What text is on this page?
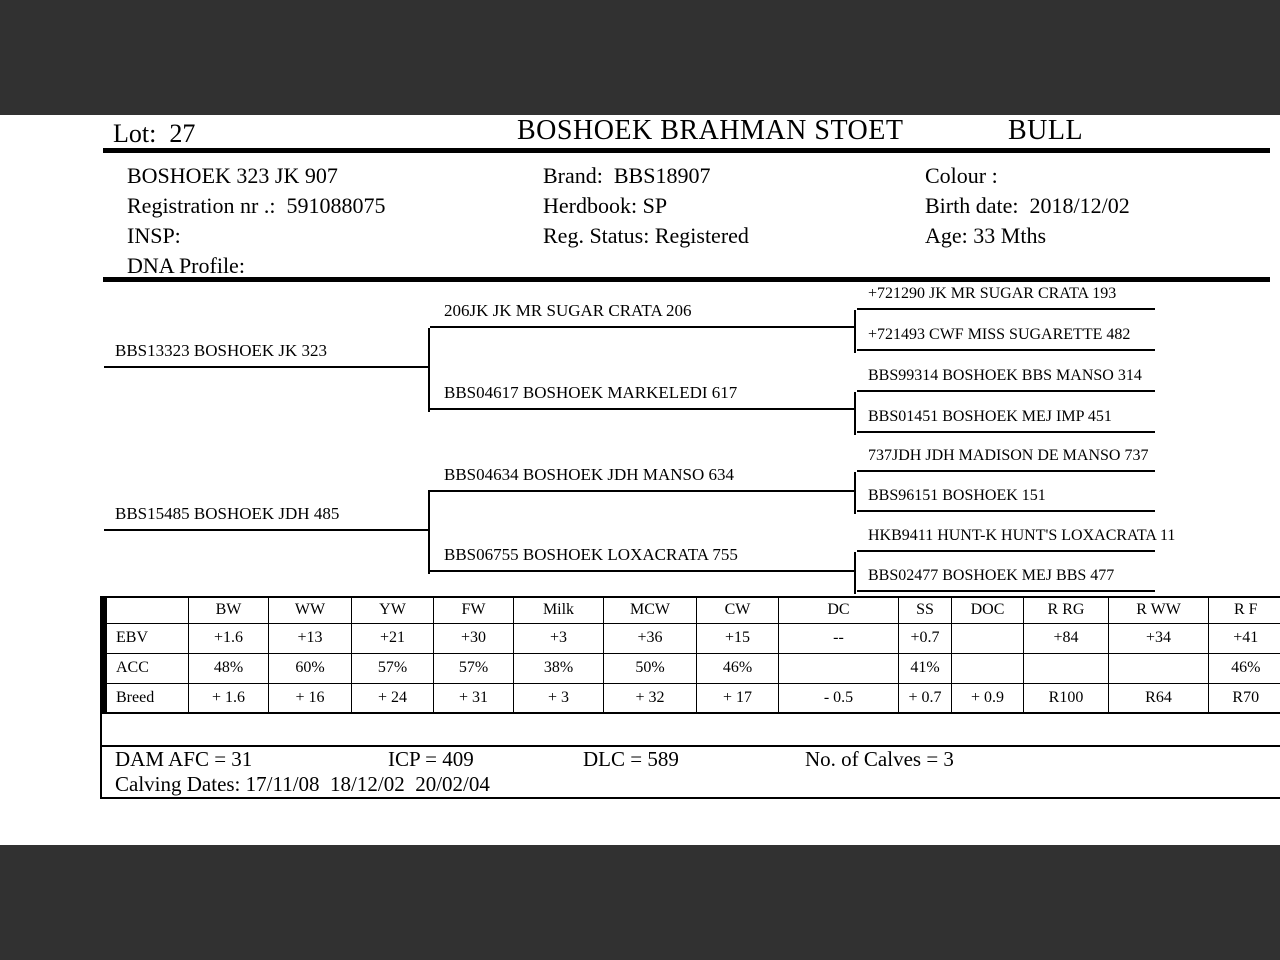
Lot:  27	BOSHOEK BRAHMAN STOET	BULL
BOSHOEK 323 JK 907
Registration nr .:  591088075
INSP:
DNA Profile:
Brand:  BBS18907
Herdbook: SP
Reg. Status: Registered
Colour :
Birth date:  2018/12/02
Age: 33 Mths
BBS13323 BOSHOEK JK 323
BBS15485 BOSHOEK JDH 485
206JK JK MR SUGAR CRATA 206
BBS04617 BOSHOEK MARKELEDI 617
BBS04634 BOSHOEK JDH MANSO 634
BBS06755 BOSHOEK LOXACRATA 755
+721290 JK MR SUGAR CRATA 193
+721493 CWF MISS SUGARETTE 482
BBS99314 BOSHOEK BBS MANSO 314
BBS01451 BOSHOEK MEJ IMP 451
737JDH JDH MADISON DE MANSO 737
BBS96151 BOSHOEK 151
HKB9411 HUNT-K HUNT'S LOXACRATA 11
BBS02477 BOSHOEK MEJ BBS 477
	BW	WW	YW	FW	Milk	MCW	CW	DC	SS	DOC	R RG	R WW	R F
EBV	+1.6	+13	+21	+30	+3	+36	+15	--	+0.7		+84	+34	+41
ACC	48%	60%	57%	57%	38%	50%	46%		41%				46%
Breed	+ 1.6	+ 16	+ 24	+ 31	+ 3	+ 32	+ 17	- 0.5	+ 0.7	+ 0.9	R100	R64	R70
DAM AFC = 31	ICP = 409	DLC = 589	No. of Calves = 3
Calving Dates: 17/11/08  18/12/02  20/02/04
